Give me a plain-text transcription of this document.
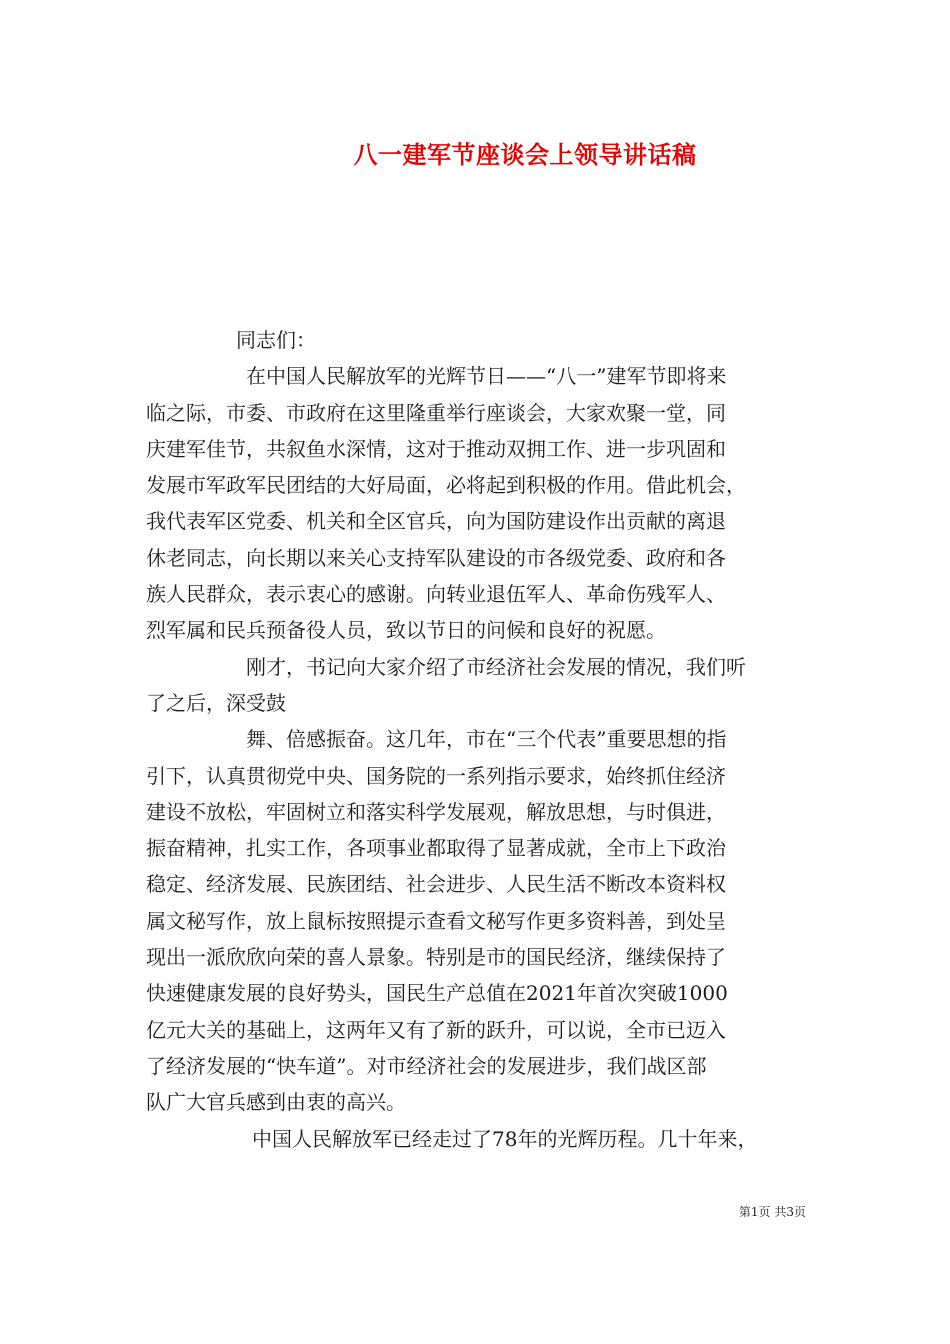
八一建军节座谈会上领导讲话稿
同志们：
在中国人民解放军的光辉节日——“八一”建军节即将来
临之际，市委、市政府在这里隆重举行座谈会，大家欢聚一堂，同
庆建军佳节，共叙鱼水深情，这对于推动双拥工作、进一步巩固和
发展市军政军民团结的大好局面，必将起到积极的作用。借此机会，
我代表军区党委、机关和全区官兵，向为国防建设作出贡献的离退
休老同志，向长期以来关心支持军队建设的市各级党委、政府和各
族人民群众，表示衷心的感谢。向转业退伍军人、革命伤残军人、
烈军属和民兵预备役人员，致以节日的问候和良好的祝愿。
刚才，书记向大家介绍了市经济社会发展的情况，我们听
了之后，深受鼓
舞、倍感振奋。这几年，市在“三个代表”重要思想的指
引下，认真贯彻党中央、国务院的一系列指示要求，始终抓住经济
建设不放松，牢固树立和落实科学发展观，解放思想，与时俱进，
振奋精神，扎实工作，各项事业都取得了显著成就，全市上下政治
稳定、经济发展、民族团结、社会进步、人民生活不断改本资料权
属文秘写作，放上鼠标按照提示查看文秘写作更多资料善，到处呈
现出一派欣欣向荣的喜人景象。特别是市的国民经济，继续保持了
快速健康发展的良好势头，国民生产总值在2021年首次突破1000
亿元大关的基础上，这两年又有了新的跃升，可以说，全市已迈入
了经济发展的“快车道”。对市经济社会的发展进步，我们战区部
队广大官兵感到由衷的高兴。
中国人民解放军已经走过了78年的光辉历程。几十年来，
第1页 共3页
